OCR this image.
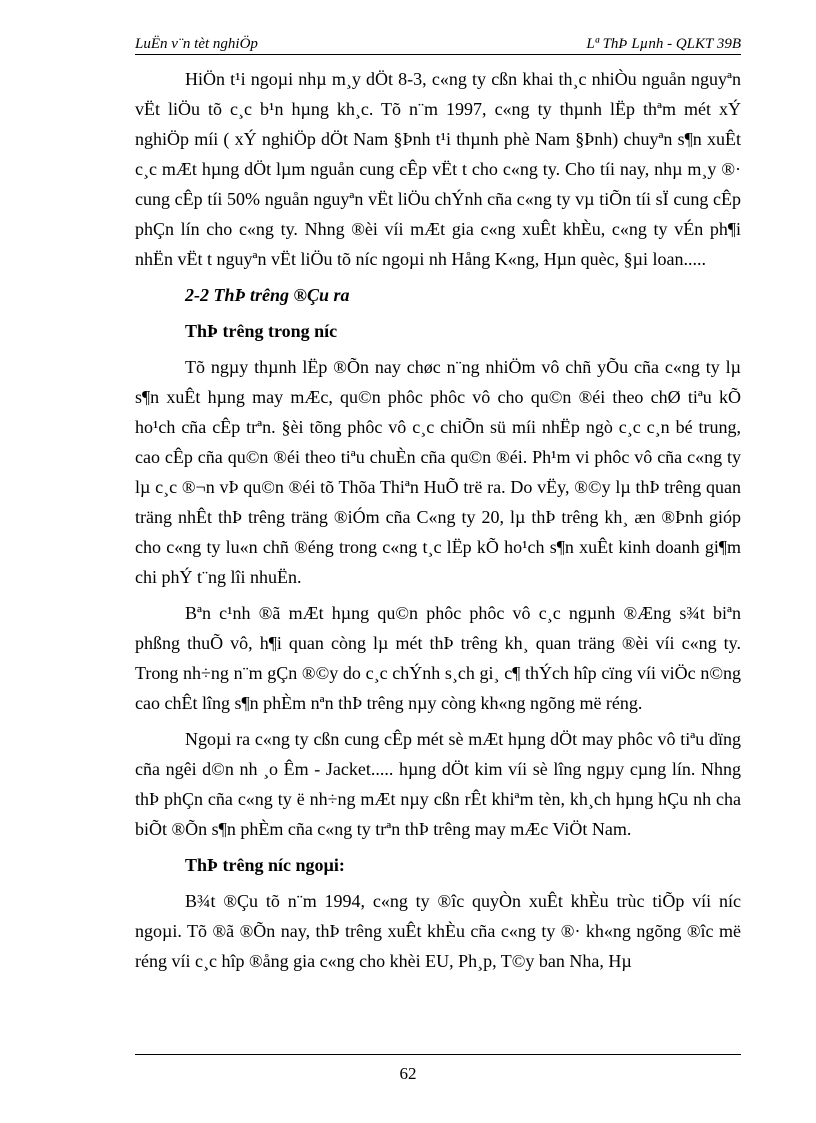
LuËn v¨n tèt nghiÖp	Lª ThÞ Lµnh - QLKT 39B

HiÖn t¹i ngoµi nhµ m¸y dÖt 8-3, c«ng ty cßn khai th¸c nhiÒu nguån nguyªn vËt liÖu tõ c¸c b¹n hµng kh¸c. Tõ n¨m 1997, c«ng ty thµnh lËp thªm mét xÝ nghiÖp míi ( xÝ nghiÖp dÖt Nam §Þnh t¹i thµnh phè Nam §Þnh) chuyªn s¶n xuÊt c¸c mÆt hµng dÖt lµm nguån cung cÊp vËt t cho c«ng ty. Cho tíi nay, nhµ m¸y ®· cung cÊp tíi 50% nguån nguyªn vËt liÖu chÝnh cña c«ng ty vµ tiÕn tíi sÏ cung cÊp phÇn lín cho c«ng ty. Nhng ®èi víi mÆt gia c«ng xuÊt khÈu, c«ng ty vÉn ph¶i nhËn vËt t nguyªn vËt liÖu tõ níc ngoµi nh Hång K«ng, Hµn quèc, §µi loan.....

2-2 ThÞ trêng ®Çu ra

ThÞ trêng trong níc

Tõ ngµy thµnh lËp ®Õn nay chøc n¨ng nhiÖm vô chñ yÕu cña c«ng ty lµ s¶n xuÊt hµng may mÆc, qu©n phôc phôc vô cho qu©n ®éi theo chØ tiªu kÕ ho¹ch cña cÊp trªn. §èi tõng phôc vô c¸c chiÕn sü míi nhËp ngò c¸c c¸n bé trung, cao cÊp cña qu©n ®éi theo tiªu chuÈn cña qu©n ®éi. Ph¹m vi phôc vô cña c«ng ty lµ c¸c ®¬n vÞ qu©n ®éi tõ Thõa Thiªn HuÕ trë ra. Do vËy, ®©y lµ thÞ trêng quan träng nhÊt thÞ trêng träng ®iÓm cña C«ng ty 20, lµ thÞ trêng kh¸ æn ®Þnh gióp cho c«ng ty lu«n chñ ®éng trong c«ng t¸c lËp kÕ ho¹ch s¶n xuÊt kinh doanh gi¶m chi phÝ t¨ng lîi nhuËn.

Bªn c¹nh ®ã mÆt hµng qu©n phôc phôc vô c¸c ngµnh ®Æng s¾t biªn phßng thuÕ vô, h¶i quan còng lµ mét thÞ trêng kh¸ quan träng ®èi víi c«ng ty. Trong nh÷ng n¨m gÇn ®©y do c¸c chÝnh s¸ch gi¸ c¶ thÝch hîp cïng víi viÖc n©ng cao chÊt lîng s¶n phÈm nªn thÞ trêng nµy còng kh«ng ngõng më réng.

Ngoµi ra c«ng ty cßn cung cÊp mét sè mÆt hµng dÖt may phôc vô tiªu dïng cña ngêi d©n nh ¸o Êm - Jacket..... hµng dÖt kim víi sè lîng ngµy cµng lín. Nhng thÞ phÇn cña c«ng ty ë nh÷ng mÆt nµy cßn rÊt khiªm tèn, kh¸ch hµng hÇu nh cha biÕt ®Õn s¶n phÈm cña c«ng ty trªn thÞ trêng may mÆc ViÖt Nam.

ThÞ trêng níc ngoµi:

B¾t ®Çu tõ n¨m 1994, c«ng ty ®îc quyÒn xuÊt khÈu trùc tiÕp víi níc ngoµi. Tõ ®ã ®Õn nay, thÞ trêng xuÊt khÈu cña c«ng ty ®· kh«ng ngõng ®îc më réng víi c¸c hîp ®ång gia c«ng cho khèi EU, Ph¸p, T©y ban Nha, Hµ

62
